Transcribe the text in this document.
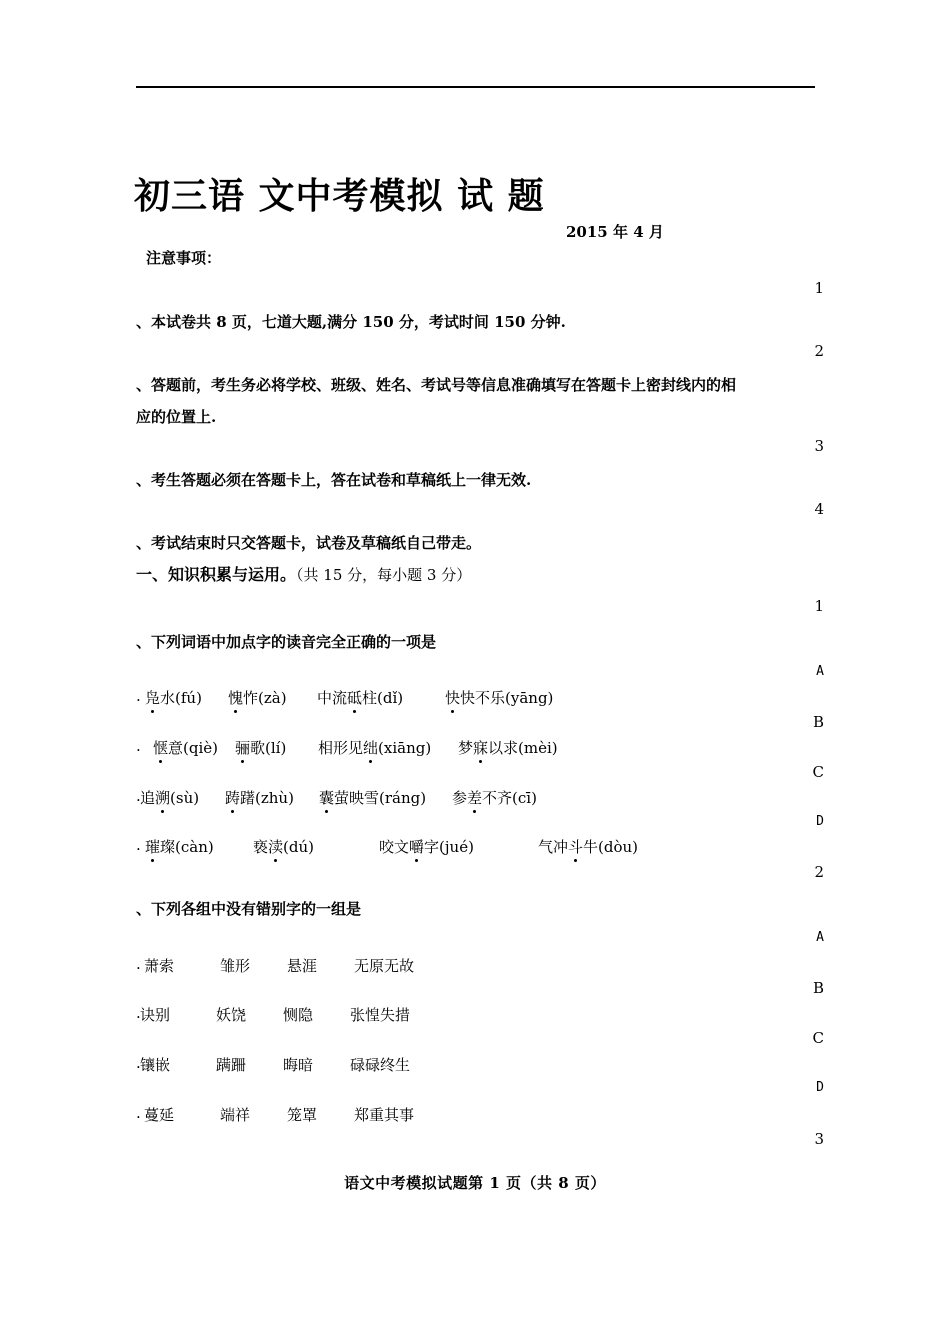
初三语 文中考模拟 试 题
2015 年 4 月
注意事项：
1
、本试卷共 8 页，七道大题,满分 150 分，考试时间 150 分钟.
2
、答题前，考生务必将学校、班级、姓名、考试号等信息准确填写在答题卡上密封线内的相
应的位置上.
3
、考生答题必须在答题卡上，答在试卷和草稿纸上一律无效.
4
、考试结束时只交答题卡，试卷及草稿纸自己带走。
一、知识积累与运用。（共 15 分，每小题 3 分）
1
、下列词语中加点字的读音完全正确的一项是
A
. 凫水(fú) 愧怍(zà) 中流砥柱(dǐ)	快快不乐(yāng)
B
. 惬意(qiè) 骊歌(lí) 相形见绌(xiāng) 梦寐以求(mèi)
C
. 追溯(sù) 踌躇(zhù) 囊萤映雪(ráng) 参差不齐(cī)
D
. 璀璨(càn)	亵渎(dú)	咬文嚼字(jué)	气冲斗牛(dòu)
2
、下列各组中没有错别字的一组是
A
. 萧索	雏形 悬涯 无原无故
B
. 诀别	妖饶 恻隐 张惶失措
C
. 镶嵌	蹒跚 晦暗 碌碌终生
D
. 蔓延	端祥 笼罩 郑重其事
3
语文中考模拟试题第 1 页（共 8 页）
